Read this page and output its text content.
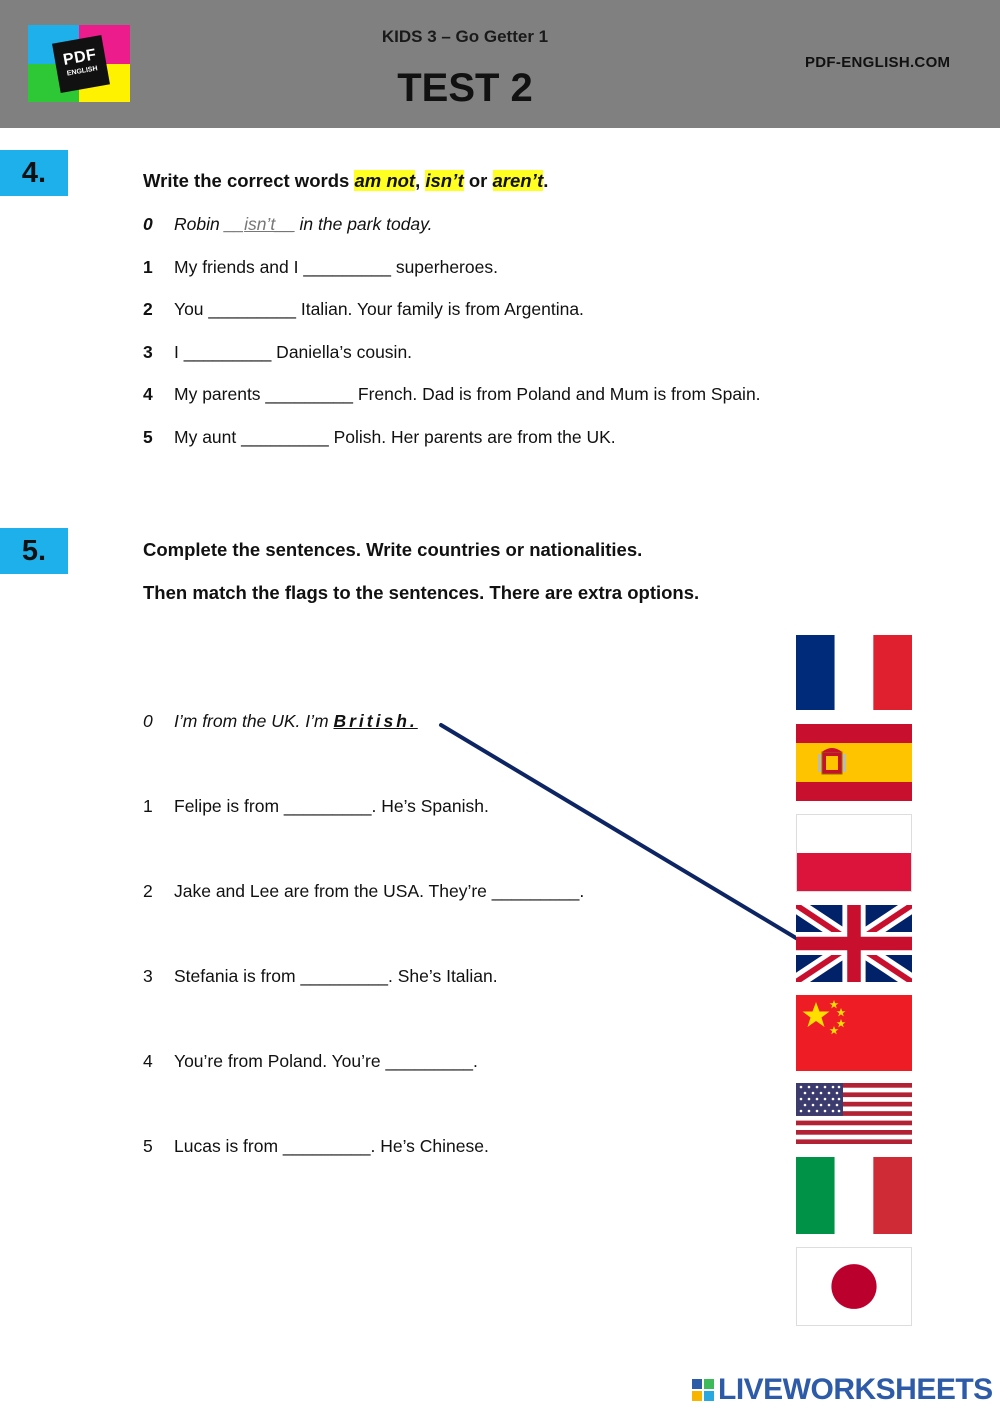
PDF
ENGLISH
KIDS 3 – Go Getter 1
TEST 2
PDF-ENGLISH.COM
4.	Write the correct words am not, isn’t or aren’t.
0 Robin __isn’t__ in the park today.
1 My friends and I _________ superheroes.
2 You _________ Italian. Your family is from Argentina.
3 I _________ Daniella’s cousin.
4 My parents _________ French. Dad is from Poland and Mum is from Spain.
5 My aunt _________ Polish. Her parents are from the UK.
5.	Complete the sentences. Write countries or nationalities.
Then match the flags to the sentences. There are extra options.
0 I’m from the UK. I’m British.
1 Felipe is from _________. He’s Spanish.
2 Jake and Lee are from the USA. They’re _________.
3 Stefania is from _________. She’s Italian.
4 You’re from Poland. You’re _________.
5 Lucas is from _________. He’s Chinese.
LIVEWORKSHEETS
